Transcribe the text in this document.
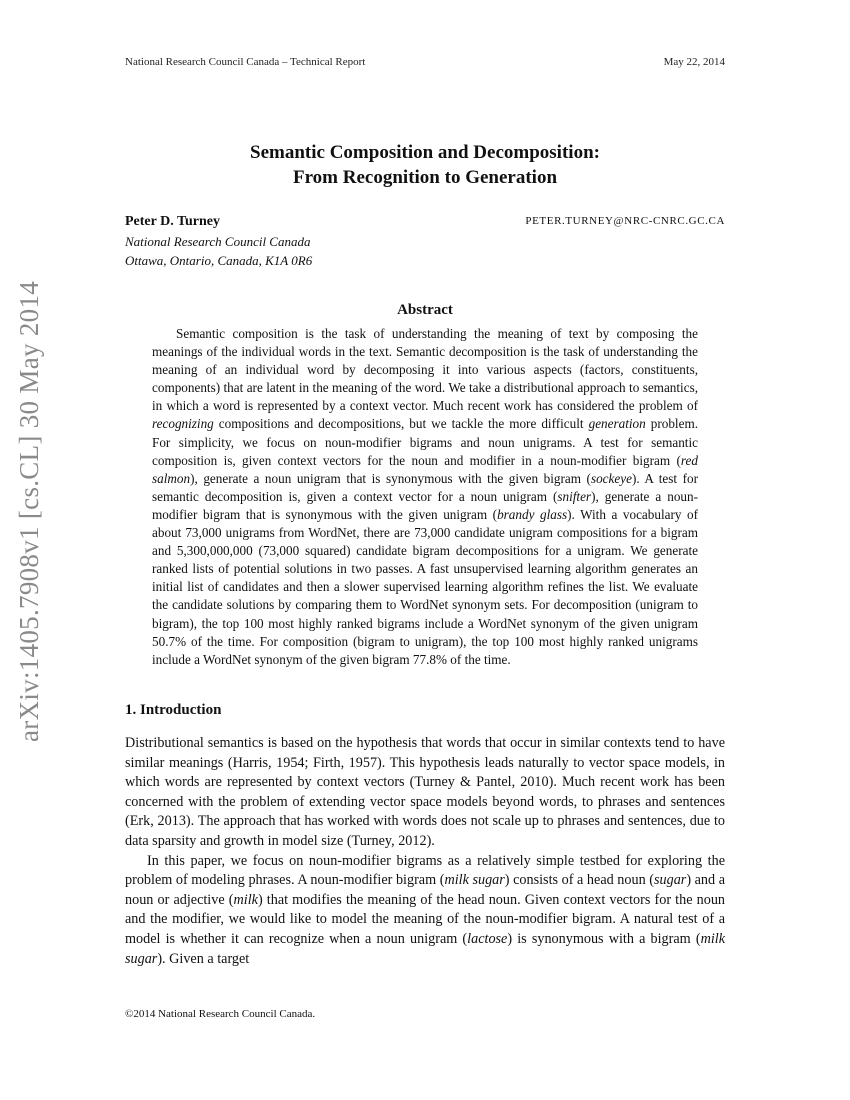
National Research Council Canada – Technical Report	May 22, 2014
arXiv:1405.7908v1 [cs.CL] 30 May 2014
Semantic Composition and Decomposition:
From Recognition to Generation
Peter D. Turney	PETER.TURNEY@NRC-CNRC.GC.CA
National Research Council Canada
Ottawa, Ontario, Canada, K1A 0R6
Abstract
Semantic composition is the task of understanding the meaning of text by composing the meanings of the individual words in the text. Semantic decomposition is the task of understanding the meaning of an individual word by decomposing it into various aspects (factors, constituents, components) that are latent in the meaning of the word. We take a distributional approach to semantics, in which a word is represented by a context vector. Much recent work has considered the problem of recognizing compositions and decompositions, but we tackle the more difficult generation problem. For simplicity, we focus on noun-modifier bigrams and noun unigrams. A test for semantic composition is, given context vectors for the noun and modifier in a noun-modifier bigram (red salmon), generate a noun unigram that is synonymous with the given bigram (sockeye). A test for semantic decomposition is, given a context vector for a noun unigram (snifter), generate a noun-modifier bigram that is synonymous with the given unigram (brandy glass). With a vocabulary of about 73,000 unigrams from WordNet, there are 73,000 candidate unigram compositions for a bigram and 5,300,000,000 (73,000 squared) candidate bigram decompositions for a unigram. We generate ranked lists of potential solutions in two passes. A fast unsupervised learning algorithm generates an initial list of candidates and then a slower supervised learning algorithm refines the list. We evaluate the candidate solutions by comparing them to WordNet synonym sets. For decomposition (unigram to bigram), the top 100 most highly ranked bigrams include a WordNet synonym of the given unigram 50.7% of the time. For composition (bigram to unigram), the top 100 most highly ranked unigrams include a WordNet synonym of the given bigram 77.8% of the time.
1. Introduction

Distributional semantics is based on the hypothesis that words that occur in similar contexts tend to have similar meanings (Harris, 1954; Firth, 1957). This hypothesis leads naturally to vector space models, in which words are represented by context vectors (Turney & Pantel, 2010). Much recent work has been concerned with the problem of extending vector space models beyond words, to phrases and sentences (Erk, 2013). The approach that has worked with words does not scale up to phrases and sentences, due to data sparsity and growth in model size (Turney, 2012).

In this paper, we focus on noun-modifier bigrams as a relatively simple testbed for exploring the problem of modeling phrases. A noun-modifier bigram (milk sugar) consists of a head noun (sugar) and a noun or adjective (milk) that modifies the meaning of the head noun. Given context vectors for the noun and the modifier, we would like to model the meaning of the noun-modifier bigram. A natural test of a model is whether it can recognize when a noun unigram (lactose) is synonymous with a bigram (milk sugar). Given a target

©2014 National Research Council Canada.
